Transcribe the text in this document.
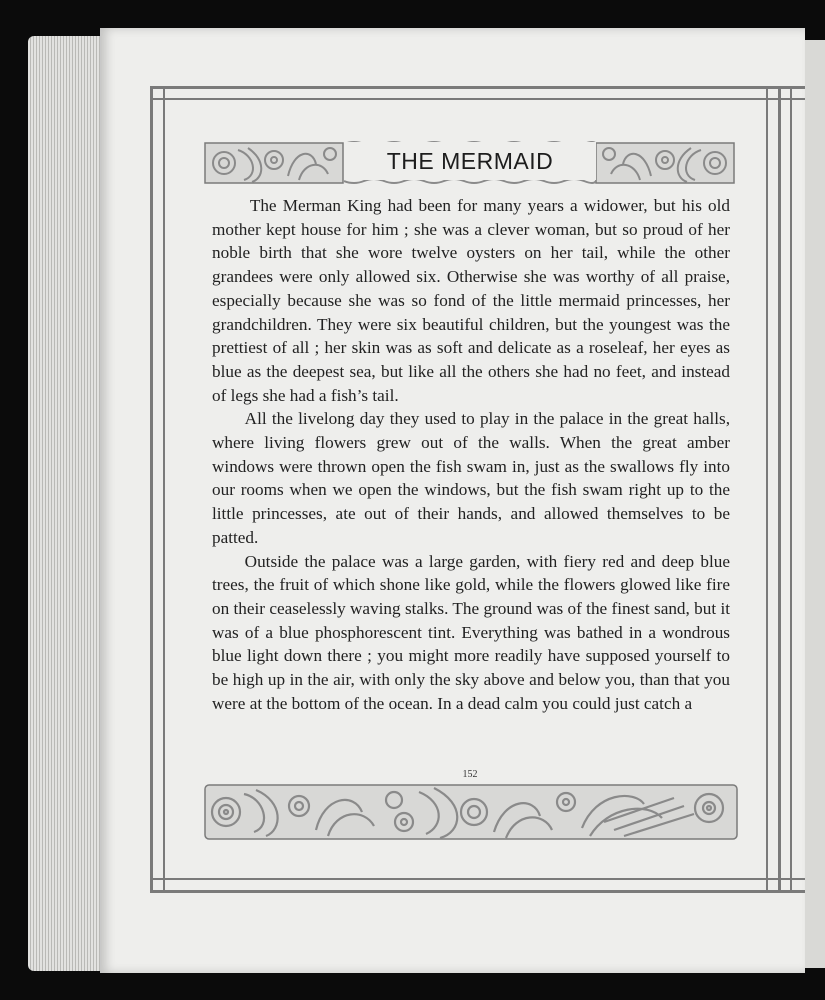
THE MERMAID

The Merman King had been for many years a widower, but his old mother kept house for him ; she was a clever woman, but so proud of her noble birth that she wore twelve oysters on her tail, while the other grandees were only allowed six. Otherwise she was worthy of all praise, especially because she was so fond of the little mermaid princesses, her grandchildren. They were six beautiful children, but the youngest was the prettiest of all ; her skin was as soft and delicate as a roseleaf, her eyes as blue as the deepest sea, but like all the others she had no feet, and instead of legs she had a fish’s tail.

All the livelong day they used to play in the palace in the great halls, where living flowers grew out of the walls. When the great amber windows were thrown open the fish swam in, just as the swallows fly into our rooms when we open the windows, but the fish swam right up to the little princesses, ate out of their hands, and allowed themselves to be patted.

Outside the palace was a large garden, with fiery red and deep blue trees, the fruit of which shone like gold, while the flowers glowed like fire on their ceaselessly waving stalks. The ground was of the finest sand, but it was of a blue phosphorescent tint. Everything was bathed in a wondrous blue light down there ; you might more readily have supposed yourself to be high up in the air, with only the sky above and below you, than that you were at the bottom of the ocean. In a dead calm you could just catch a

152
